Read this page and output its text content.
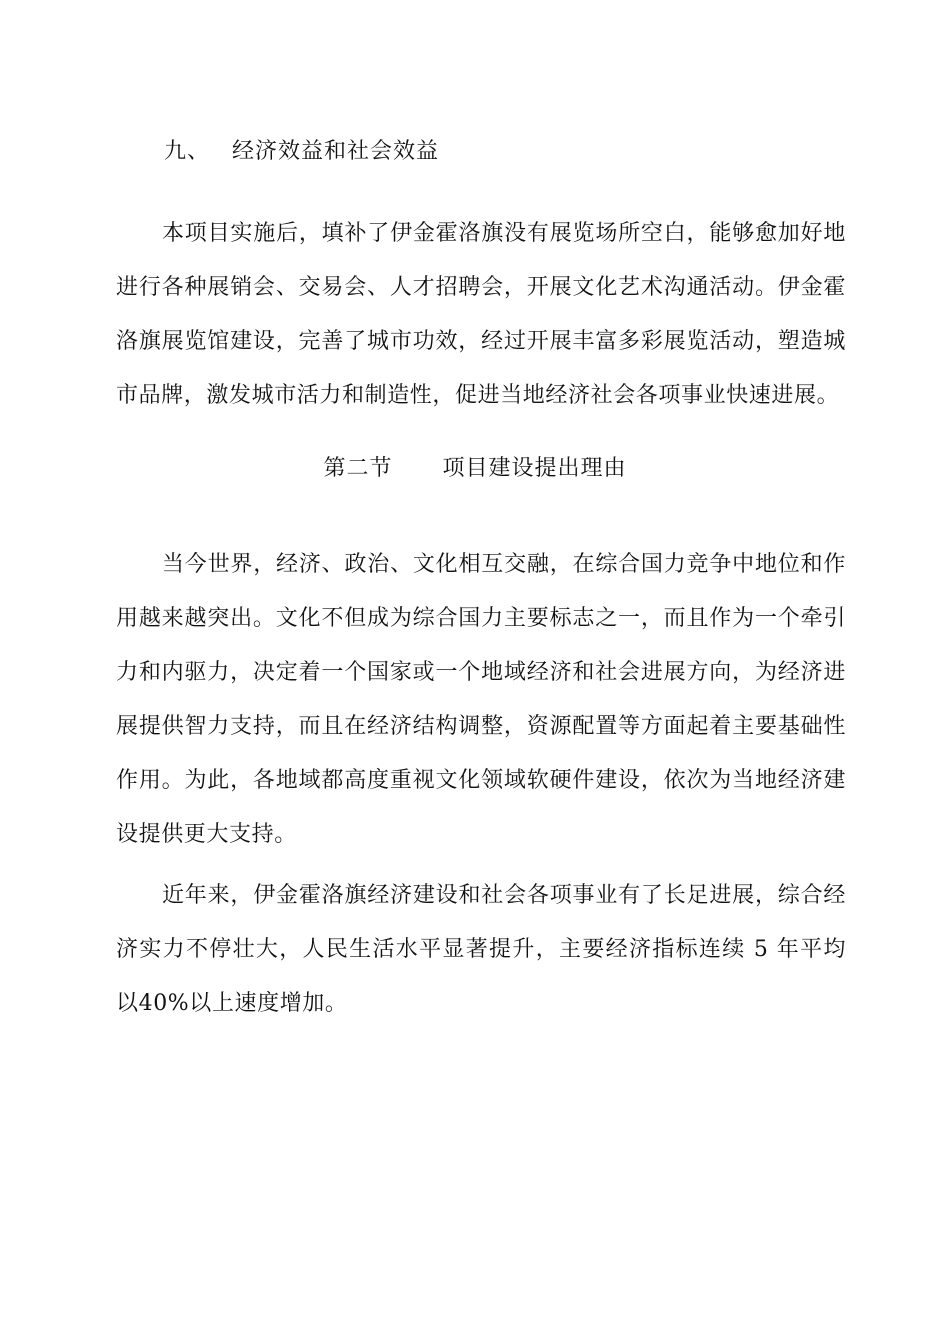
九、 经济效益和社会效益

本项目实施后，填补了伊金霍洛旗没有展览场所空白，能够愈加好地进行各种展销会、交易会、人才招聘会，开展文化艺术沟通活动。伊金霍洛旗展览馆建设，完善了城市功效，经过开展丰富多彩展览活动，塑造城市品牌，激发城市活力和制造性，促进当地经济社会各项事业快速进展。

第二节 项目建设提出理由

当今世界，经济、政治、文化相互交融，在综合国力竞争中地位和作用越来越突出。文化不但成为综合国力主要标志之一，而且作为一个牵引力和内驱力，决定着一个国家或一个地域经济和社会进展方向，为经济进展提供智力支持，而且在经济结构调整，资源配置等方面起着主要基础性作用。为此，各地域都高度重视文化领域软硬件建设，依次为当地经济建设提供更大支持。

近年来，伊金霍洛旗经济建设和社会各项事业有了长足进展，综合经济实力不停壮大，人民生活水平显著提升，主要经济指标连续 5 年平均以40%以上速度增加。
